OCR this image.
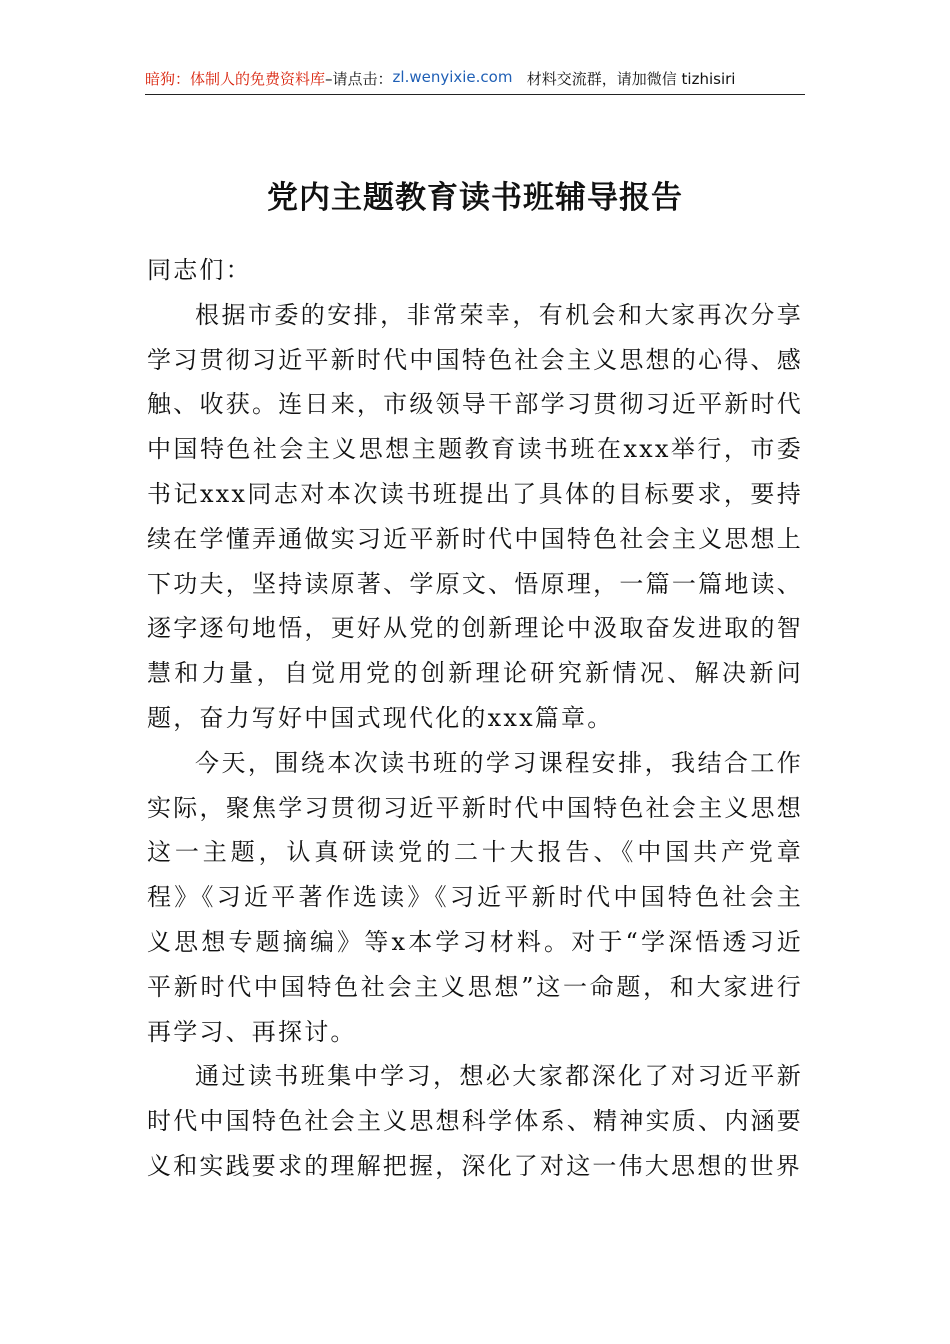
暗狗：体制人的免费资料库 –请点击： zl.wenyixie.com 材料交流群，请加微信 tizhisiri
党内主题教育读书班辅导报告

同志们：

根据市委的安排，非常荣幸，有机会和大家再次分享学习贯彻习近平新时代中国特色社会主义思想的心得、感触、收获。连日来，市级领导干部学习贯彻习近平新时代中国特色社会主义思想主题教育读书班在xxx举行，市委书记xxx同志对本次读书班提出了具体的目标要求，要持续在学懂弄通做实习近平新时代中国特色社会主义思想上下功夫，坚持读原著、学原文、悟原理，一篇一篇地读、逐字逐句地悟，更好从党的创新理论中汲取奋发进取的智慧和力量，自觉用党的创新理论研究新情况、解决新问题，奋力写好中国式现代化的xxx篇章。

今天，围绕本次读书班的学习课程安排，我结合工作实际，聚焦学习贯彻习近平新时代中国特色社会主义思想这一主题，认真研读党的二十大报告、《中国共产党章程》《习近平著作选读》《习近平新时代中国特色社会主义思想专题摘编》等x本学习材料。对于“学深悟透习近平新时代中国特色社会主义思想”这一命题，和大家进行再学习、再探讨。

通过读书班集中学习，想必大家都深化了对习近平新时代中国特色社会主义思想科学体系、精神实质、内涵要义和实践要求的理解把握，深化了对这一伟大思想的世界
